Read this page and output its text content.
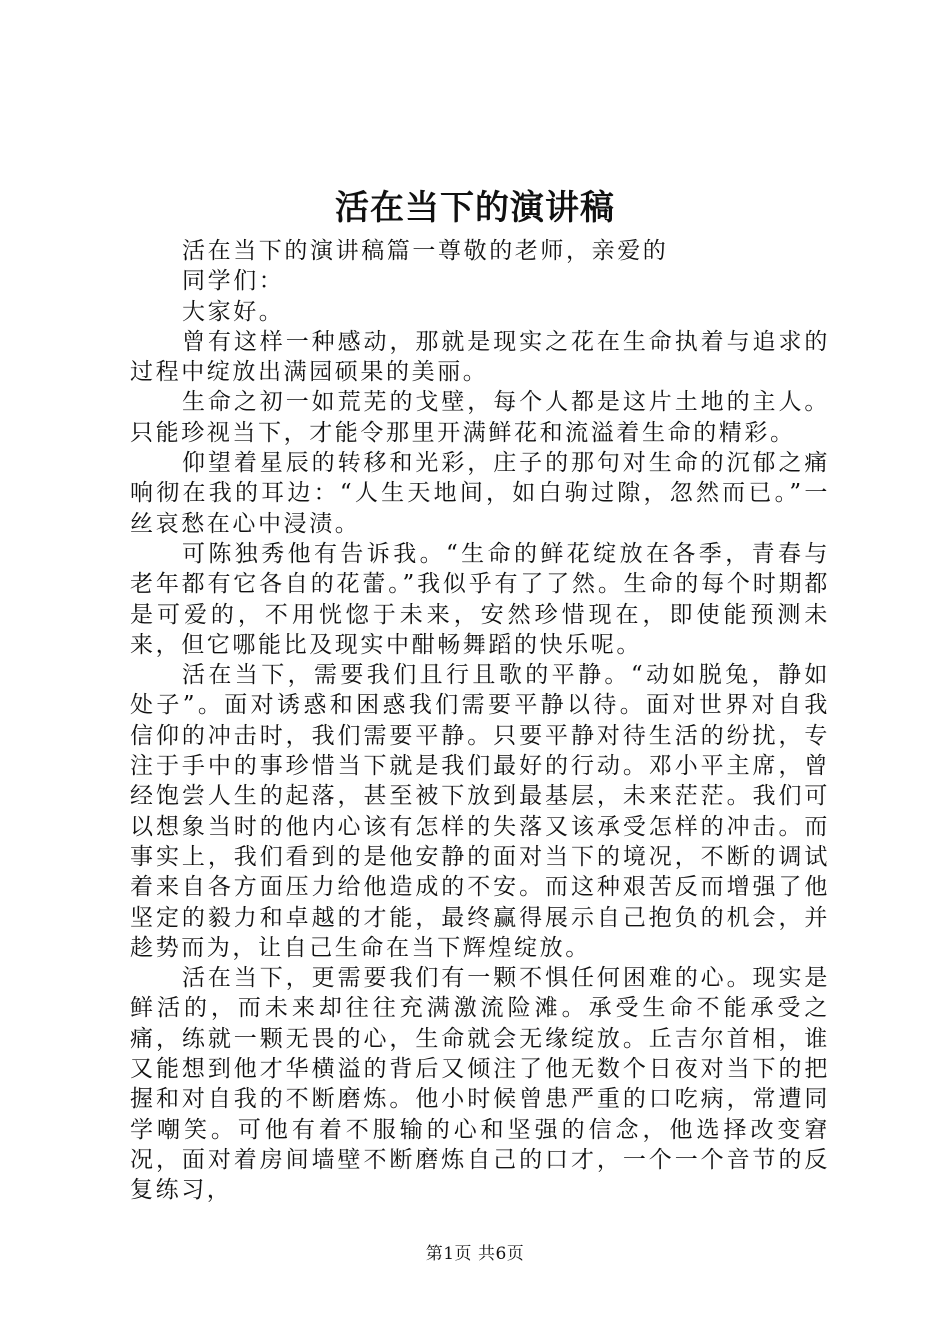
活在当下的演讲稿

活在当下的演讲稿篇一尊敬的老师，亲爱的

同学们：

大家好。

曾有这样一种感动，那就是现实之花在生命执着与追求的过程中绽放出满园硕果的美丽。

生命之初一如荒芜的戈壁，每个人都是这片土地的主人。只能珍视当下，才能令那里开满鲜花和流溢着生命的精彩。

仰望着星辰的转移和光彩，庄子的那句对生命的沉郁之痛响彻在我的耳边：“人生天地间，如白驹过隙，忽然而已。”一丝哀愁在心中浸渍。

可陈独秀他有告诉我。“生命的鲜花绽放在各季，青春与老年都有它各自的花蕾。”我似乎有了了然。生命的每个时期都是可爱的，不用恍惚于未来，安然珍惜现在，即使能预测未来，但它哪能比及现实中酣畅舞蹈的快乐呢。

活在当下，需要我们且行且歌的平静。“动如脱兔，静如处子”。面对诱惑和困惑我们需要平静以待。面对世界对自我信仰的冲击时，我们需要平静。只要平静对待生活的纷扰，专注于手中的事珍惜当下就是我们最好的行动。邓小平主席，曾经饱尝人生的起落，甚至被下放到最基层，未来茫茫。我们可以想象当时的他内心该有怎样的失落又该承受怎样的冲击。而事实上，我们看到的是他安静的面对当下的境况，不断的调试着来自各方面压力给他造成的不安。而这种艰苦反而增强了他坚定的毅力和卓越的才能，最终赢得展示自己抱负的机会，并趁势而为，让自己生命在当下辉煌绽放。

活在当下，更需要我们有一颗不惧任何困难的心。现实是鲜活的，而未来却往往充满激流险滩。承受生命不能承受之痛，练就一颗无畏的心，生命就会无缘绽放。丘吉尔首相，谁又能想到他才华横溢的背后又倾注了他无数个日夜对当下的把握和对自我的不断磨炼。他小时候曾患严重的口吃病，常遭同学嘲笑。可他有着不服输的心和坚强的信念，他选择改变窘况，面对着房间墙壁不断磨炼自己的口才，一个一个音节的反复练习，

第1页 共6页
